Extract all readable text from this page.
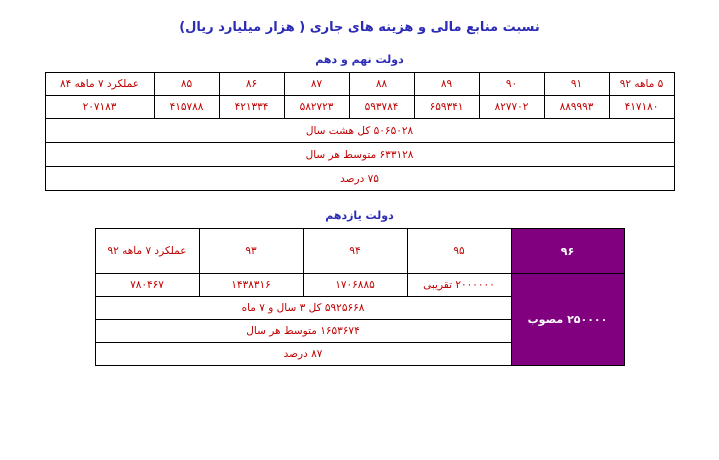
نسبت منابع مالی و هزینه های جاری ( هزار میلیارد ریال)
دولت نهم و دهم
۵ ماهه ۹۲	۹۱	۹۰	۸۹	۸۸	۸۷	۸۶	۸۵	عملکرد ۷ ماهه ۸۴
۴۱۷۱۸۰	۸۸۹۹۹۳	۸۲۷۷۰۲	۶۵۹۳۴۱	۵۹۳۷۸۴	۵۸۲۷۲۳	۴۲۱۳۳۴	۴۱۵۷۸۸	۲۰۷۱۸۳
۵۰۶۵۰۲۸ کل هشت سال								
۶۳۳۱۲۸ متوسط هر سال								
۷۵ درصد								
دولت یازدهم
۹۶	۹۵	۹۴	۹۳	عملکرد ۷ ماهه ۹۲
۲۵۰۰۰۰ مصوب	۲۰۰۰۰۰۰ تقریبی	۱۷۰۶۸۸۵	۱۴۳۸۳۱۶	۷۸۰۴۶۷
	۵۹۲۵۶۶۸ کل ۳ سال و ۷ ماه			
	۱۶۵۳۶۷۴ متوسط هر سال			
	۸۷ درصد			
